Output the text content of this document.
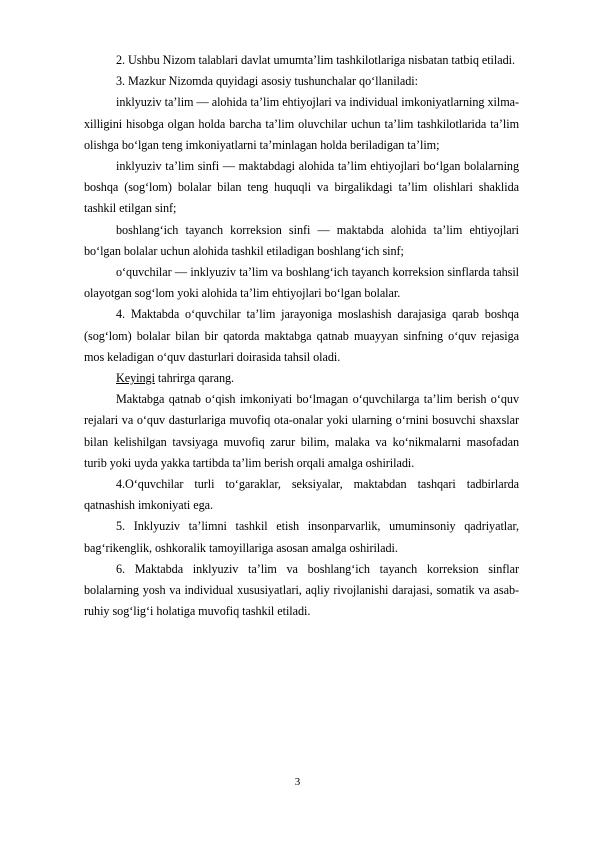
2. Ushbu Nizom talablari davlat umumta’lim tashkilotlariga nisbatan tatbiq etiladi.

3. Mazkur Nizomda quyidagi asosiy tushunchalar qo‘llaniladi:

inklyuziv ta’lim — alohida ta’lim ehtiyojlari va individual imkoniyatlarning xilma-xilligini hisobga olgan holda barcha ta’lim oluvchilar uchun ta’lim tashkilotlarida ta’lim olishga bo‘lgan teng imkoniyatlarni ta’minlagan holda beriladigan ta’lim;

inklyuziv ta’lim sinfi — maktabdagi alohida ta’lim ehtiyojlari bo‘lgan bolalarning boshqa (sog‘lom) bolalar bilan teng huquqli va birgalikdagi ta’lim olishlari shaklida tashkil etilgan sinf;

boshlang‘ich tayanch korreksion sinfi — maktabda alohida ta’lim ehtiyojlari bo‘lgan bolalar uchun alohida tashkil etiladigan boshlang‘ich sinf;

o‘quvchilar — inklyuziv ta’lim va boshlang‘ich tayanch korreksion sinflarda tahsil olayotgan sog‘lom yoki alohida ta’lim ehtiyojlari bo‘lgan bolalar.

4. Maktabda o‘quvchilar ta’lim jarayoniga moslashish darajasiga qarab boshqa (sog‘lom) bolalar bilan bir qatorda maktabga qatnab muayyan sinfning o‘quv rejasiga mos keladigan o‘quv dasturlari doirasida tahsil oladi.

Keyingi tahrirga qarang.

Maktabga qatnab o‘qish imkoniyati bo‘lmagan o‘quvchilarga ta’lim berish o‘quv rejalari va o‘quv dasturlariga muvofiq ota-onalar yoki ularning o‘rnini bosuvchi shaxslar bilan kelishilgan tavsiyaga muvofiq zarur bilim, malaka va ko‘nikmalarni masofadan turib yoki uyda yakka tartibda ta’lim berish orqali amalga oshiriladi.

4.O‘quvchilar turli to‘garaklar, seksiyalar, maktabdan tashqari tadbirlarda qatnashish imkoniyati ega.

5. Inklyuziv ta’limni tashkil etish insonparvarlik, umuminsoniy qadriyatlar, bag‘rikenglik, oshkoralik tamoyillariga asosan amalga oshiriladi.

6. Maktabda inklyuziv ta’lim va boshlang‘ich tayanch korreksion sinflar bolalarning yosh va individual xususiyatlari, aqliy rivojlanishi darajasi, somatik va asab-ruhiy sog‘lig‘i holatiga muvofiq tashkil etiladi.

3
